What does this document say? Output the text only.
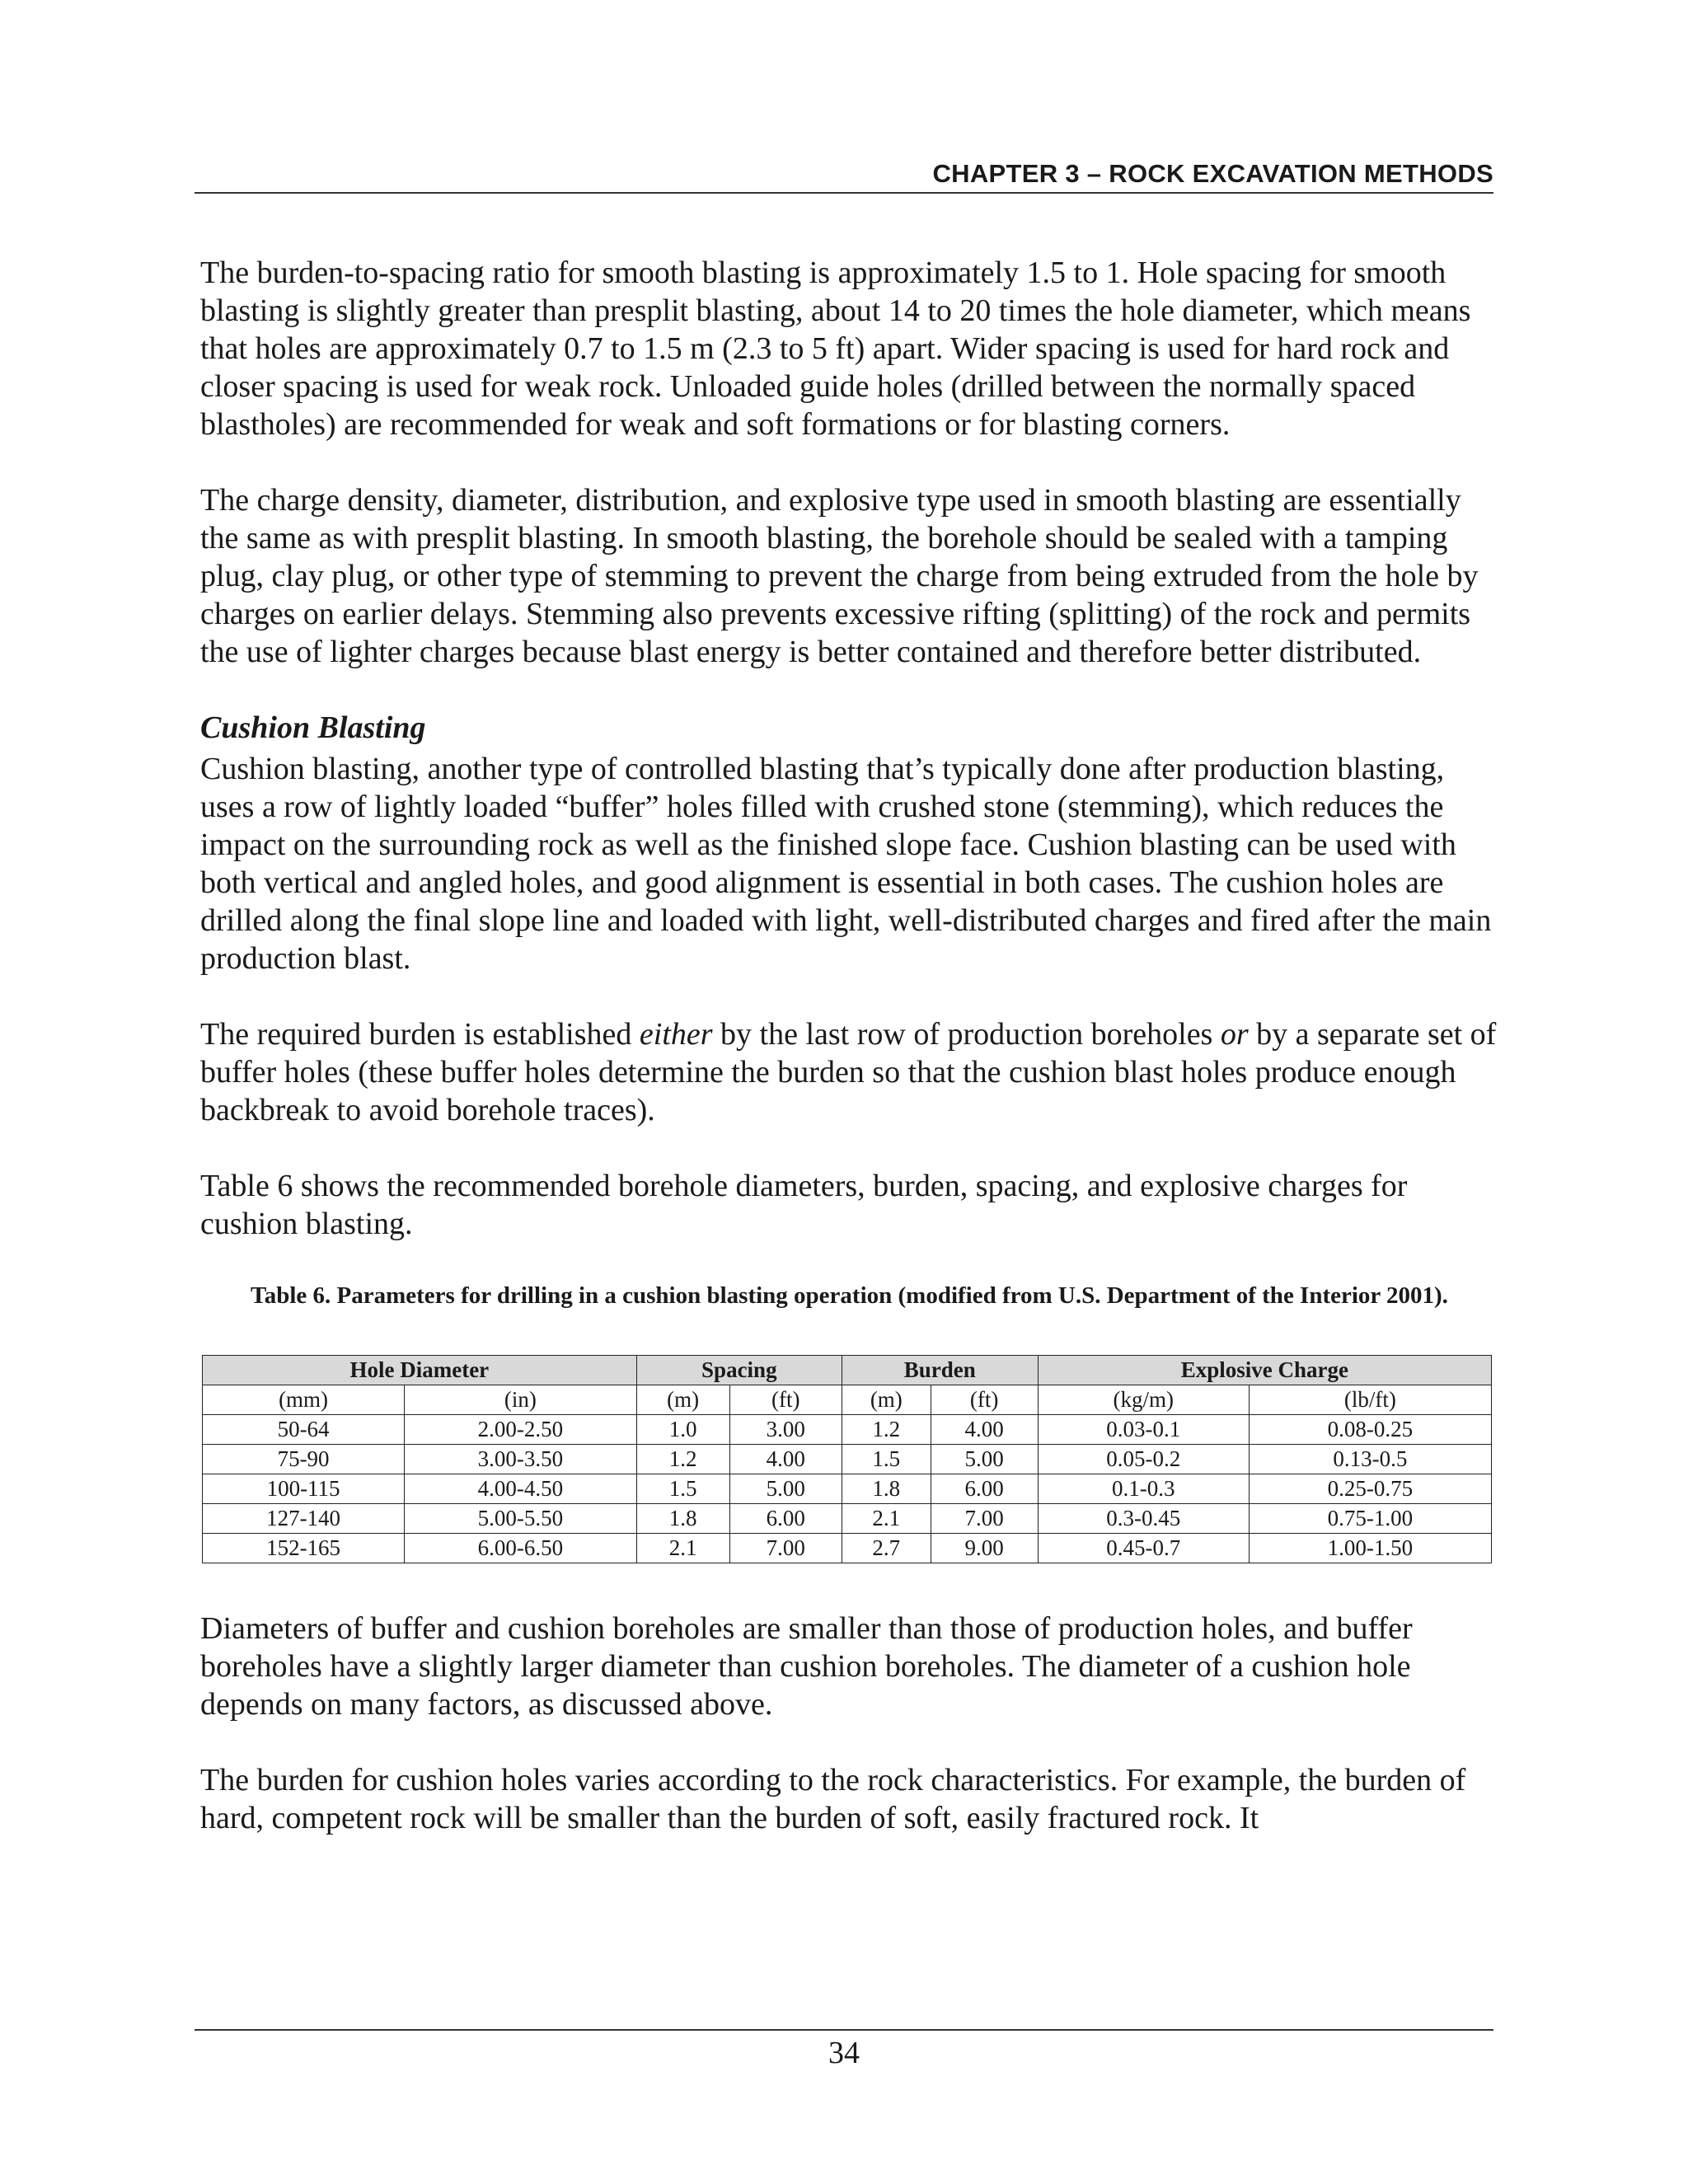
CHAPTER 3 – ROCK EXCAVATION METHODS

The burden-to-spacing ratio for smooth blasting is approximately 1.5 to 1. Hole spacing for smooth blasting is slightly greater than presplit blasting, about 14 to 20 times the hole diameter, which means that holes are approximately 0.7 to 1.5 m (2.3 to 5 ft) apart. Wider spacing is used for hard rock and closer spacing is used for weak rock. Unloaded guide holes (drilled between the normally spaced blastholes) are recommended for weak and soft formations or for blasting corners.

The charge density, diameter, distribution, and explosive type used in smooth blasting are essentially the same as with presplit blasting. In smooth blasting, the borehole should be sealed with a tamping plug, clay plug, or other type of stemming to prevent the charge from being extruded from the hole by charges on earlier delays. Stemming also prevents excessive rifting (splitting) of the rock and permits the use of lighter charges because blast energy is better contained and therefore better distributed.

Cushion Blasting

Cushion blasting, another type of controlled blasting that’s typically done after production blasting, uses a row of lightly loaded “buffer” holes filled with crushed stone (stemming), which reduces the impact on the surrounding rock as well as the finished slope face. Cushion blasting can be used with both vertical and angled holes, and good alignment is essential in both cases. The cushion holes are drilled along the final slope line and loaded with light, well-distributed charges and fired after the main production blast.

The required burden is established either by the last row of production boreholes or by a separate set of buffer holes (these buffer holes determine the burden so that the cushion blast holes produce enough backbreak to avoid borehole traces).

Table 6 shows the recommended borehole diameters, burden, spacing, and explosive charges for cushion blasting.

Table 6. Parameters for drilling in a cushion blasting operation (modified from U.S. Department of the Interior 2001).
Hole Diameter		Spacing		Burden		Explosive Charge	
(mm)	(in)	(m)	(ft)	(m)	(ft)	(kg/m)	(lb/ft)
50-64	2.00-2.50	1.0	3.00	1.2	4.00	0.03-0.1	0.08-0.25
75-90	3.00-3.50	1.2	4.00	1.5	5.00	0.05-0.2	0.13-0.5
100-115	4.00-4.50	1.5	5.00	1.8	6.00	0.1-0.3	0.25-0.75
127-140	5.00-5.50	1.8	6.00	2.1	7.00	0.3-0.45	0.75-1.00
152-165	6.00-6.50	2.1	7.00	2.7	9.00	0.45-0.7	1.00-1.50

Diameters of buffer and cushion boreholes are smaller than those of production holes, and buffer boreholes have a slightly larger diameter than cushion boreholes. The diameter of a cushion hole depends on many factors, as discussed above.

The burden for cushion holes varies according to the rock characteristics. For example, the burden of hard, competent rock will be smaller than the burden of soft, easily fractured rock. It

34
